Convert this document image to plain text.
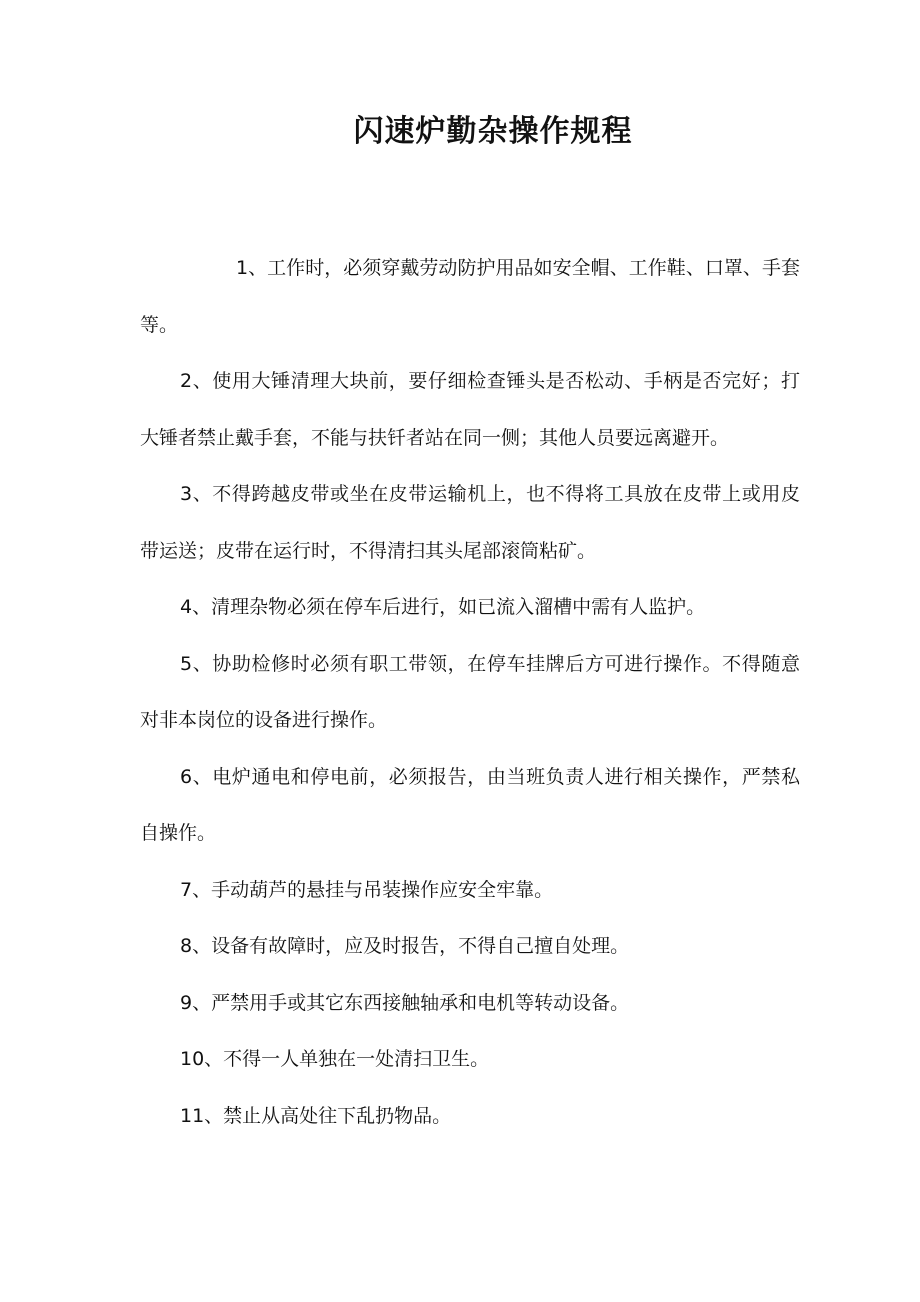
闪速炉勤杂操作规程

1、工作时，必须穿戴劳动防护用品如安全帽、工作鞋、口罩、手套等。

2、使用大锤清理大块前，要仔细检查锤头是否松动、手柄是否完好；打大锤者禁止戴手套，不能与扶钎者站在同一侧；其他人员要远离避开。

3、不得跨越皮带或坐在皮带运输机上，也不得将工具放在皮带上或用皮带运送；皮带在运行时，不得清扫其头尾部滚筒粘矿。

4、清理杂物必须在停车后进行，如已流入溜槽中需有人监护。

5、协助检修时必须有职工带领，在停车挂牌后方可进行操作。不得随意对非本岗位的设备进行操作。

6、电炉通电和停电前，必须报告，由当班负责人进行相关操作，严禁私自操作。

7、手动葫芦的悬挂与吊装操作应安全牢靠。

8、设备有故障时，应及时报告，不得自己擅自处理。

9、严禁用手或其它东西接触轴承和电机等转动设备。

10、不得一人单独在一处清扫卫生。

11、禁止从高处往下乱扔物品。
